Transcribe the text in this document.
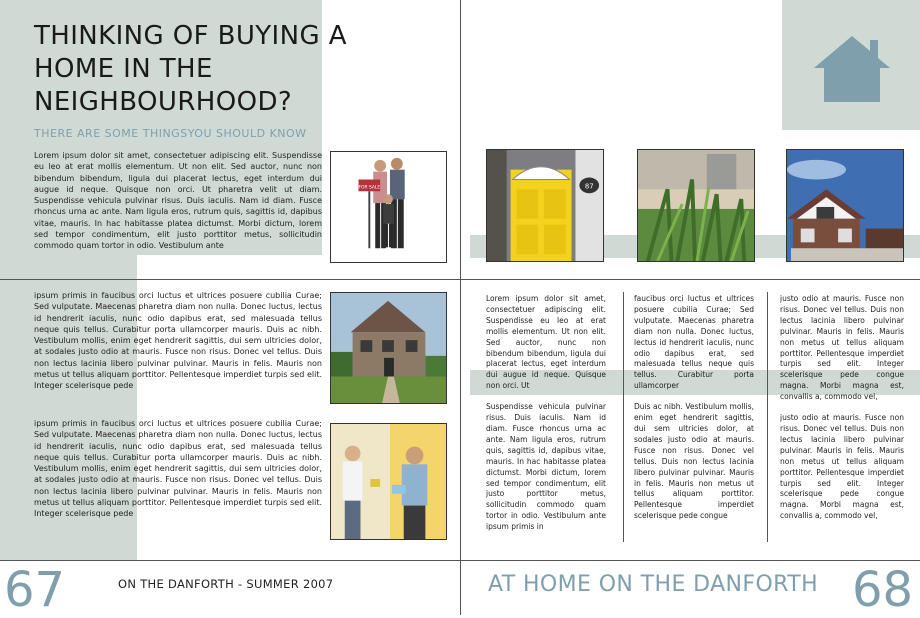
THINKING OF BUYING A
HOME IN THE
NEIGHBOURHOOD?
THERE ARE SOME THINGSYOU SHOULD KNOW

Lorem ipsum dolor sit amet, consectetuer adipiscing elit. Suspendisse eu leo at erat mollis elementum. Ut non elit. Sed auctor, nunc non bibendum bibendum, ligula dui placerat lectus, eget interdum dui augue id neque. Quisque non orci. Ut pharetra velit ut diam. Suspendisse vehicula pulvinar risus. Duis iaculis. Nam id diam. Fusce rhoncus urna ac ante. Nam ligula eros, rutrum quis, sagittis id, dapibus vitae, mauris. In hac habitasse platea dictumst. Morbi dictum, lorem sed tempor condimentum, elit justo porttitor metus, sollicitudin commodo quam tortor in odio. Vestibulum ante

ipsum primis in faucibus orci luctus et ultrices posuere cubilia Curae; Sed vulputate. Maecenas pharetra diam non nulla. Donec luctus, lectus id hendrerit iaculis, nunc odio dapibus erat, sed malesuada tellus neque quis tellus. Curabitur porta ullamcorper mauris. Duis ac nibh. Vestibulum mollis, enim eget hendrerit sagittis, dui sem ultricies dolor, at sodales justo odio at mauris. Fusce non risus. Donec vel tellus. Duis non lectus lacinia libero pulvinar pulvinar. Mauris in felis. Mauris non metus ut tellus aliquam porttitor. Pellentesque imperdiet turpis sed elit. Integer scelerisque pede

ipsum primis in faucibus orci luctus et ultrices posuere cubilia Curae; Sed vulputate. Maecenas pharetra diam non nulla. Donec luctus, lectus id hendrerit iaculis, nunc odio dapibus erat, sed malesuada tellus neque quis tellus. Curabitur porta ullamcorper mauris. Duis ac nibh. Vestibulum mollis, enim eget hendrerit sagittis, dui sem ultricies dolor, at sodales justo odio at mauris. Fusce non risus. Donec vel tellus. Duis non lectus lacinia libero pulvinar pulvinar. Mauris in felis. Mauris non metus ut tellus aliquam porttitor. Pellentesque imperdiet turpis sed elit. Integer scelerisque pede

FOR SALE	87

Lorem ipsum dolor sit amet, consectetuer adipiscing elit. Suspendisse eu leo at erat mollis elementum. Ut non elit. Sed auctor, nunc non bibendum bibendum, ligula dui placerat lectus, eget interdum dui augue id neque. Quisque non orci. Ut

Suspendisse vehicula pulvinar risus. Duis iaculis. Nam id diam. Fusce rhoncus urna ac ante. Nam ligula eros, rutrum quis, sagittis id, dapibus vitae, mauris. In hac habitasse platea dictumst. Morbi dictum, lorem sed tempor condimentum, elit justo porttitor metus, sollicitudin commodo quam tortor in odio. Vestibulum ante ipsum primis in

faucibus orci luctus et ultrices posuere cubilia Curae; Sed vulputate. Maecenas pharetra diam non nulla. Donec luctus, lectus id hendrerit iaculis, nunc odio dapibus erat, sed malesuada tellus neque quis tellus. Curabitur porta ullamcorper

Duis ac nibh. Vestibulum mollis, enim eget hendrerit sagittis, dui sem ultricies dolor, at sodales justo odio at mauris. Fusce non risus. Donec vel tellus. Duis non lectus lacinia libero pulvinar pulvinar. Mauris in felis. Mauris non metus ut tellus aliquam porttitor. Pellentesque imperdiet scelerisque pede congue

justo odio at mauris. Fusce non risus. Donec vel tellus. Duis non lectus lacinia libero pulvinar pulvinar. Mauris in felis. Mauris non metus ut tellus aliquam porttitor. Pellentesque imperdiet turpis sed elit. Integer scelerisque pede congue magna. Morbi magna est, convallis a, commodo vel,

justo odio at mauris. Fusce non risus. Donec vel tellus. Duis non lectus lacinia libero pulvinar pulvinar. Mauris in felis. Mauris non metus ut tellus aliquam porttitor. Pellentesque imperdiet turpis sed elit. Integer scelerisque pede congue magna. Morbi magna est, convallis a, commodo vel,

67	ON THE DANFORTH - SUMMER 2007	AT HOME ON THE DANFORTH 68
